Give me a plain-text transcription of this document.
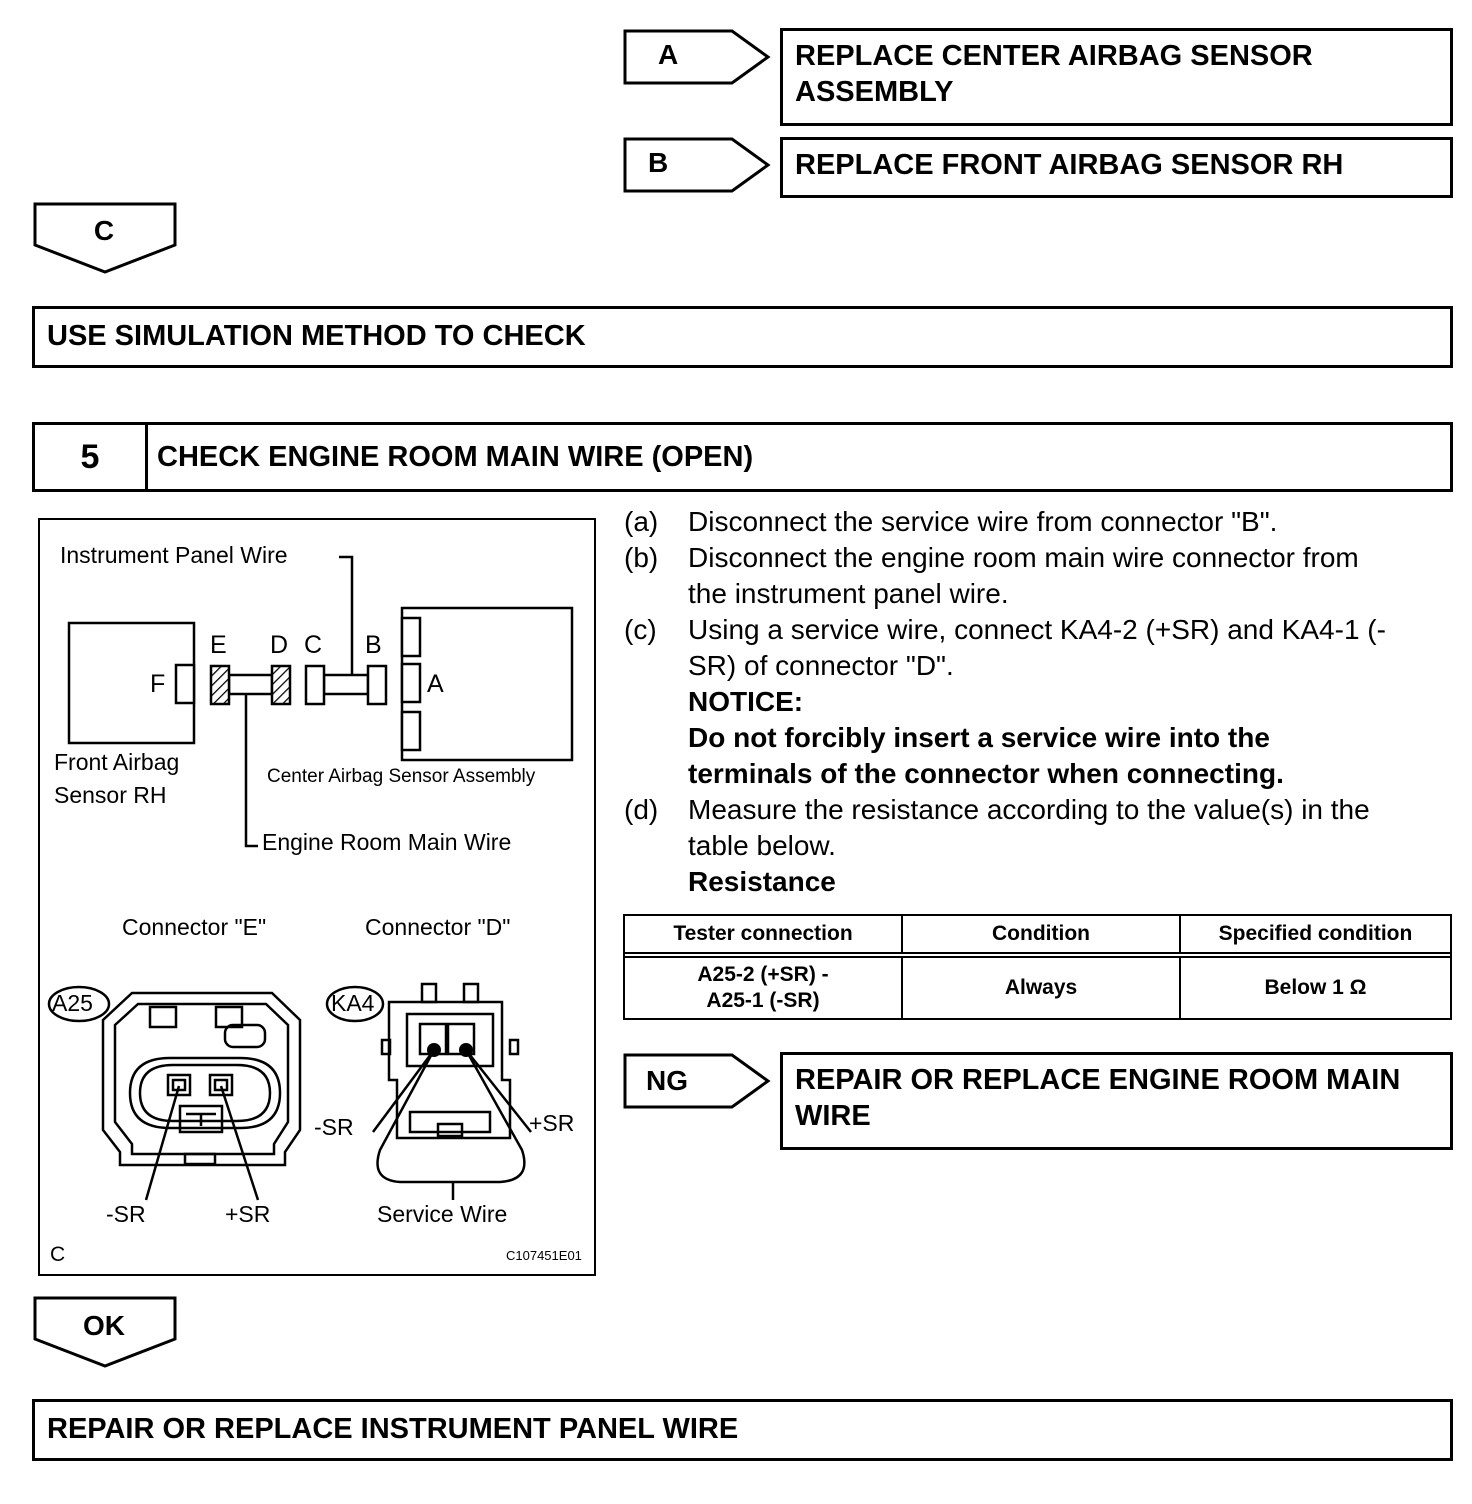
A	REPLACE CENTER AIRBAG SENSOR ASSEMBLY
B	REPLACE FRONT AIRBAG SENSOR RH
C
USE SIMULATION METHOD TO CHECK
5	CHECK ENGINE ROOM MAIN WIRE (OPEN)
Instrument Panel Wire
E D C B
F	A
Front Airbag
Sensor RH
Center Airbag Sensor Assembly
Engine Room Main Wire
Connector "E"	Connector "D"
A25	KA4
-SR	+SR
-SR	+SR	Service Wire
C	C107451E01
(a)	Disconnect the service wire from connector "B".
(b)	Disconnect the engine room main wire connector from
the instrument panel wire.
(c)	Using a service wire, connect KA4-2 (+SR) and KA4-1 (-
SR) of connector "D".
NOTICE:
Do not forcibly insert a service wire into the
terminals of the connector when connecting.
(d)	Measure the resistance according to the value(s) in the
table below.
Resistance
Tester connection	Condition	Specified condition

A25-2 (+SR) -
A25-1 (-SR)	Always	Below 1 Ω
NG	REPAIR OR REPLACE ENGINE ROOM MAIN WIRE
OK
REPAIR OR REPLACE INSTRUMENT PANEL WIRE
